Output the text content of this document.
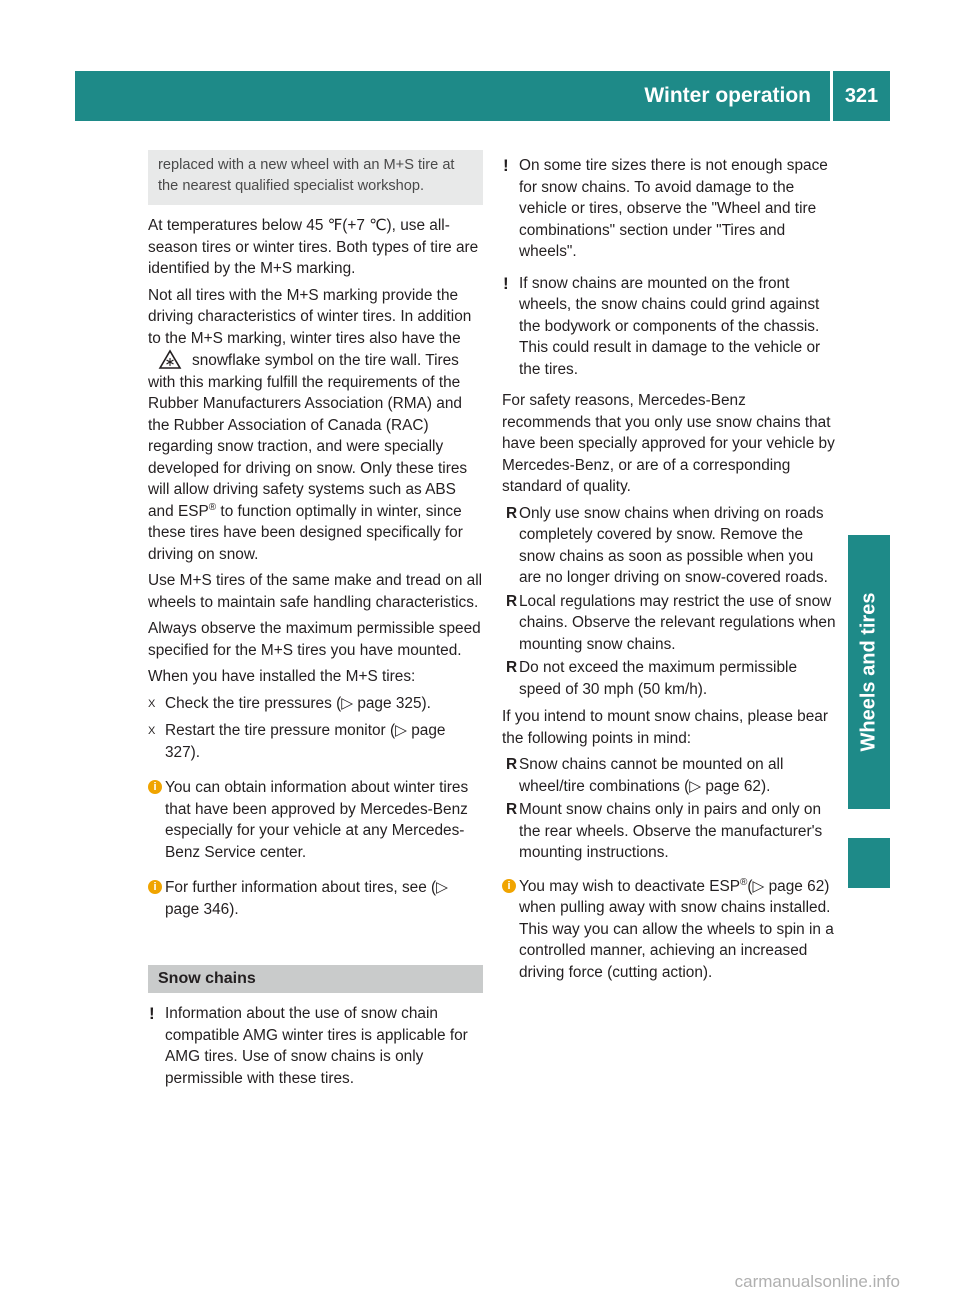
Winter operation	321
Wheels and tires
replaced with a new wheel with an M+S tire at the nearest qualified specialist workshop.

At temperatures below 45 ℉(+7 ℃), use all-season tires or winter tires. Both types of tire are identified by the M+S marking.

Not all tires with the M+S marking provide the driving characteristics of winter tires. In addition to the M+S marking, winter tires also have thesnowflake symbol on the tire wall. Tires with this marking fulfill the requirements of the Rubber Manufacturers Association (RMA) and the Rubber Association of Canada (RAC) regarding snow traction, and were specially developed for driving on snow. Only these tires will allow driving safety systems such as ABS and ESP® to function optimally in winter, since these tires have been designed specifically for driving on snow.

Use M+S tires of the same make and tread on all wheels to maintain safe handling characteristics.

Always observe the maximum permissible speed specified for the M+S tires you have mounted.

When you have installed the M+S tires:

X Check the tire pressures (▷ page 325).
X Restart the tire pressure monitor (▷ page 327).
i You can obtain information about winter tires that have been approved by Mercedes-Benz especially for your vehicle at any Mercedes-Benz Service center.
i For further information about tires, see (▷ page 346).
Snow chains
! Information about the use of snow chain compatible AMG winter tires is applicable for AMG tires. Use of snow chains is only permissible with these tires.
! On some tire sizes there is not enough space for snow chains. To avoid damage to the vehicle or tires, observe the "Wheel and tire combinations" section under "Tires and wheels".
! If snow chains are mounted on the front wheels, the snow chains could grind against the bodywork or components of the chassis. This could result in damage to the vehicle or the tires.

For safety reasons, Mercedes-Benz recommends that you only use snow chains that have been specially approved for your vehicle by Mercedes-Benz, or are of a corresponding standard of quality.

R Only use snow chains when driving on roads completely covered by snow. Remove the snow chains as soon as possible when you are no longer driving on snow-covered roads.
R Local regulations may restrict the use of snow chains. Observe the relevant regulations when mounting snow chains.
R Do not exceed the maximum permissible speed of 30 mph (50 km/h).

If you intend to mount snow chains, please bear the following points in mind:

R Snow chains cannot be mounted on all wheel/tire combinations (▷ page 62).
R Mount snow chains only in pairs and only on the rear wheels. Observe the manufacturer's mounting instructions.
i You may wish to deactivate ESP®(▷ page 62) when pulling away with snow chains installed. This way you can allow the wheels to spin in a controlled manner, achieving an increased driving force (cutting action).
carmanualsonline.info
